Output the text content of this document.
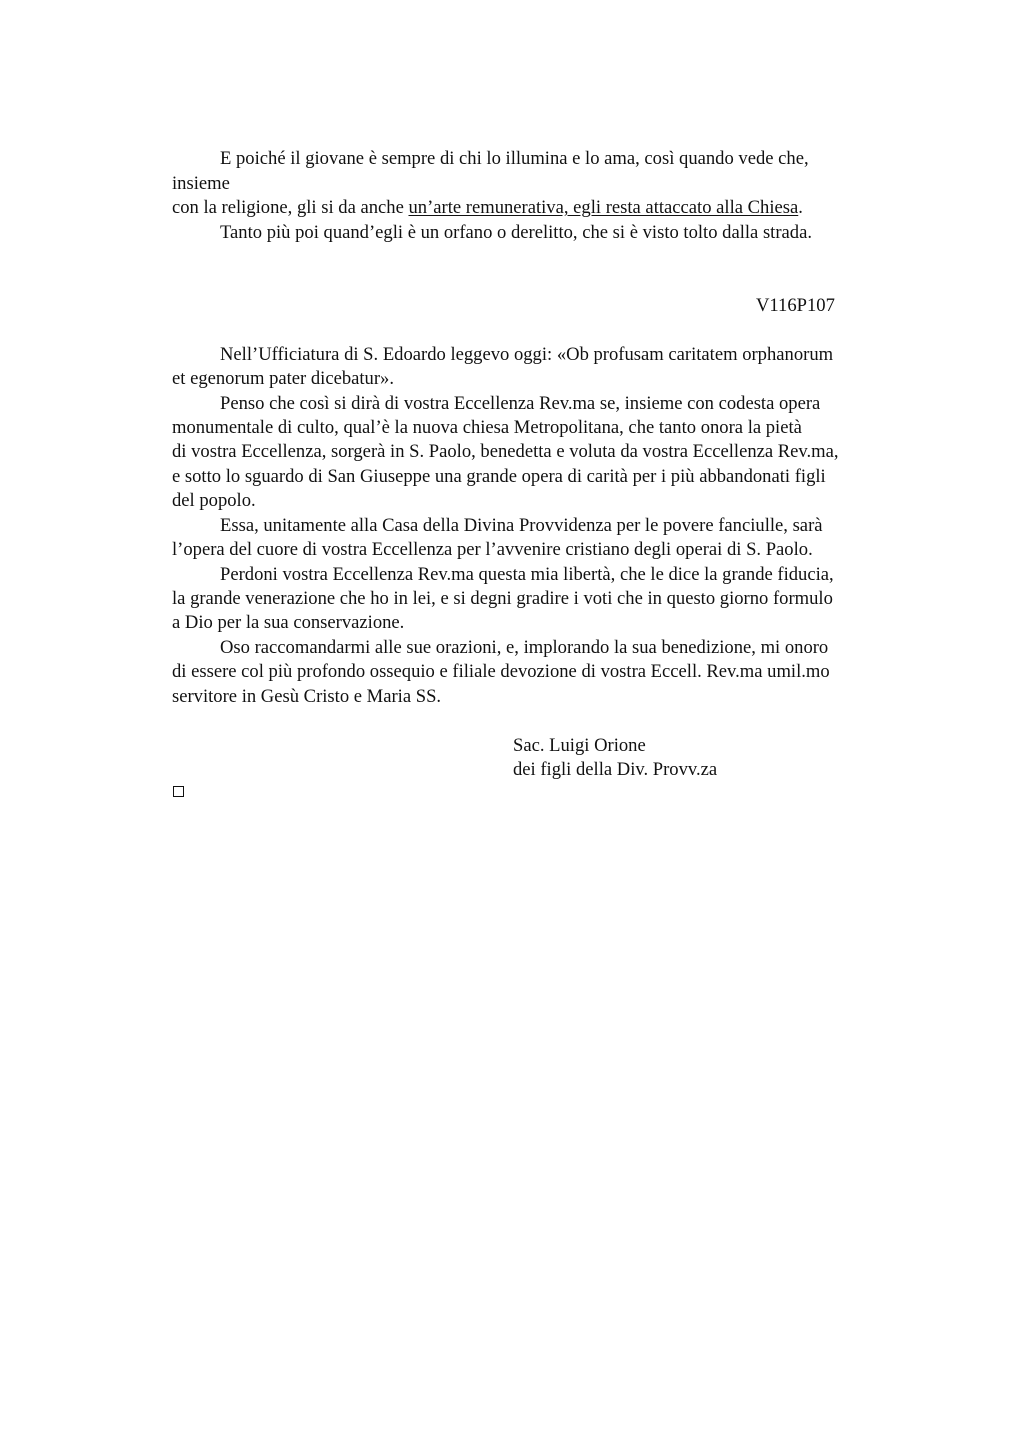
E poiché il giovane è sempre di chi lo illumina e lo ama, così quando vede che,
insieme
con la religione, gli si da anche un’arte remunerativa, egli resta attaccato alla Chiesa.
Tanto più poi quand’egli è un orfano o derelitto, che si è visto tolto dalla strada.
V116P107
Nell’Ufficiatura di S. Edoardo leggevo oggi: «Ob profusam caritatem orphanorum
et egenorum pater dicebatur».
Penso che così si dirà di vostra Eccellenza Rev.ma se, insieme con codesta opera
monumentale di culto, qual’è la nuova chiesa Metropolitana, che tanto onora la pietà
di vostra Eccellenza, sorgerà in S. Paolo, benedetta e voluta da vostra Eccellenza Rev.ma,
e sotto lo sguardo di San Giuseppe una grande opera di carità per i più abbandonati figli
del popolo.
Essa, unitamente alla Casa della Divina Provvidenza per le povere fanciulle, sarà
l’opera del cuore di vostra Eccellenza per l’avvenire cristiano degli operai di S. Paolo.
Perdoni vostra Eccellenza Rev.ma questa mia libertà, che le dice la grande fiducia,
la grande venerazione che ho in lei, e si degni gradire i voti che in questo giorno formulo
a Dio per la sua conservazione.
Oso raccomandarmi alle sue orazioni, e, implorando la sua benedizione, mi onoro
di essere col più profondo ossequio e filiale devozione di vostra Eccell. Rev.ma umil.mo
servitore in Gesù Cristo e Maria SS.
Sac. Luigi Orione
dei figli della Div. Provv.za
